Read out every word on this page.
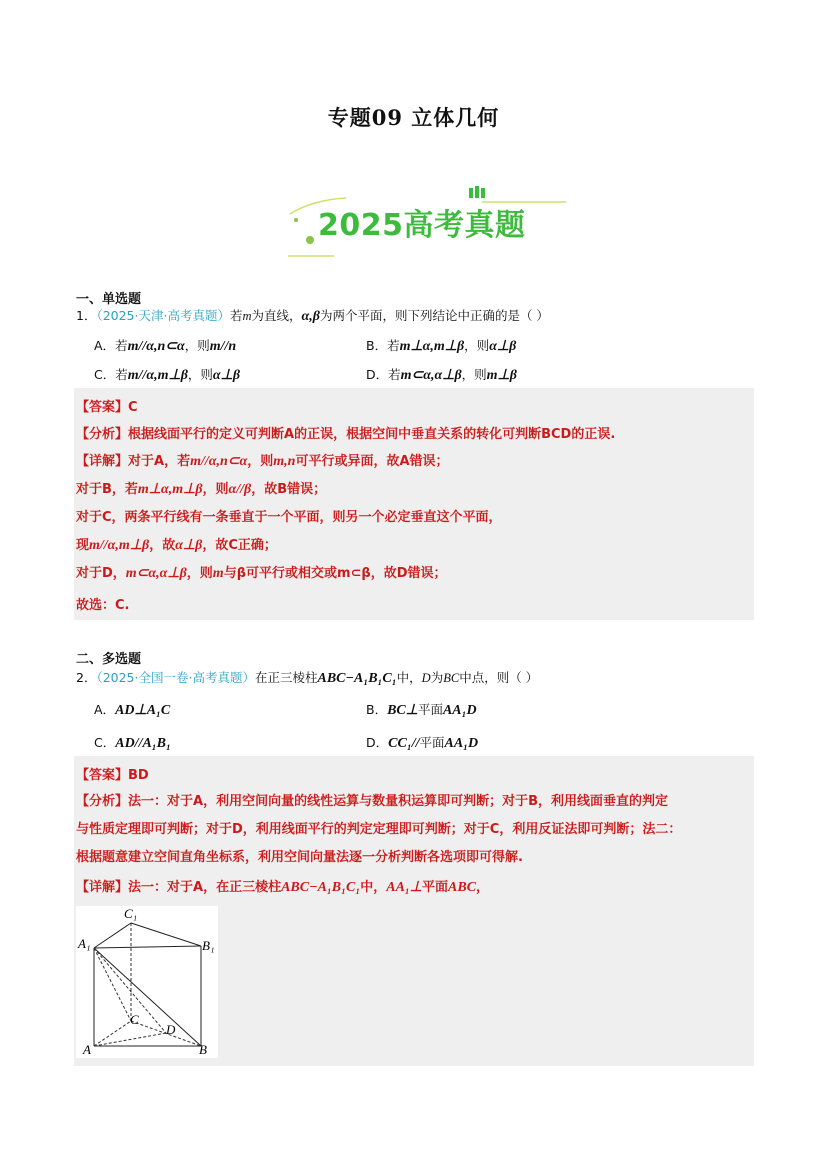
专题09 立体几何
2025高考真题
一、单选题
1．（2025·天津·高考真题）若m为直线，α,β为两个平面，则下列结论中正确的是（ ）
A．若m//α,n⊂α，则m//n	B．若m⊥α,m⊥β，则α⊥β
C．若m//α,m⊥β，则α⊥β	D．若m⊂α,α⊥β，则m⊥β
【答案】C
【分析】根据线面平行的定义可判断A的正误，根据空间中垂直关系的转化可判断BCD的正误.
【详解】对于A，若m//α,n⊂α，则m,n可平行或异面，故A错误；
对于B，若m⊥α,m⊥β，则α//β，故B错误；
对于C，两条平行线有一条垂直于一个平面，则另一个必定垂直这个平面，
现m//α,m⊥β，故α⊥β，故C正确；
对于D，m⊂α,α⊥β，则m与β可平行或相交或m⊂β，故D错误；
故选：C.
二、多选题
2．（2025·全国一卷·高考真题）在正三棱柱ABC−A₁B₁C₁中，D为BC中点，则（ ）
A．AD⊥A₁C	B．BC⊥平面AA₁D
C．AD//A₁B₁	D．CC₁//平面AA₁D
【答案】BD
【分析】法一：对于A，利用空间向量的线性运算与数量积运算即可判断；对于B，利用线面垂直的判定
与性质定理即可判断；对于D，利用线面平行的判定定理即可判断；对于C，利用反证法即可判断；法二：
根据题意建立空间直角坐标系，利用空间向量法逐一分析判断各选项即可得解.
【详解】法一：对于A，在正三棱柱ABC−A₁B₁C₁中，AA₁⊥平面ABC，
C₁
A₁	B₁
C
D
A	B
